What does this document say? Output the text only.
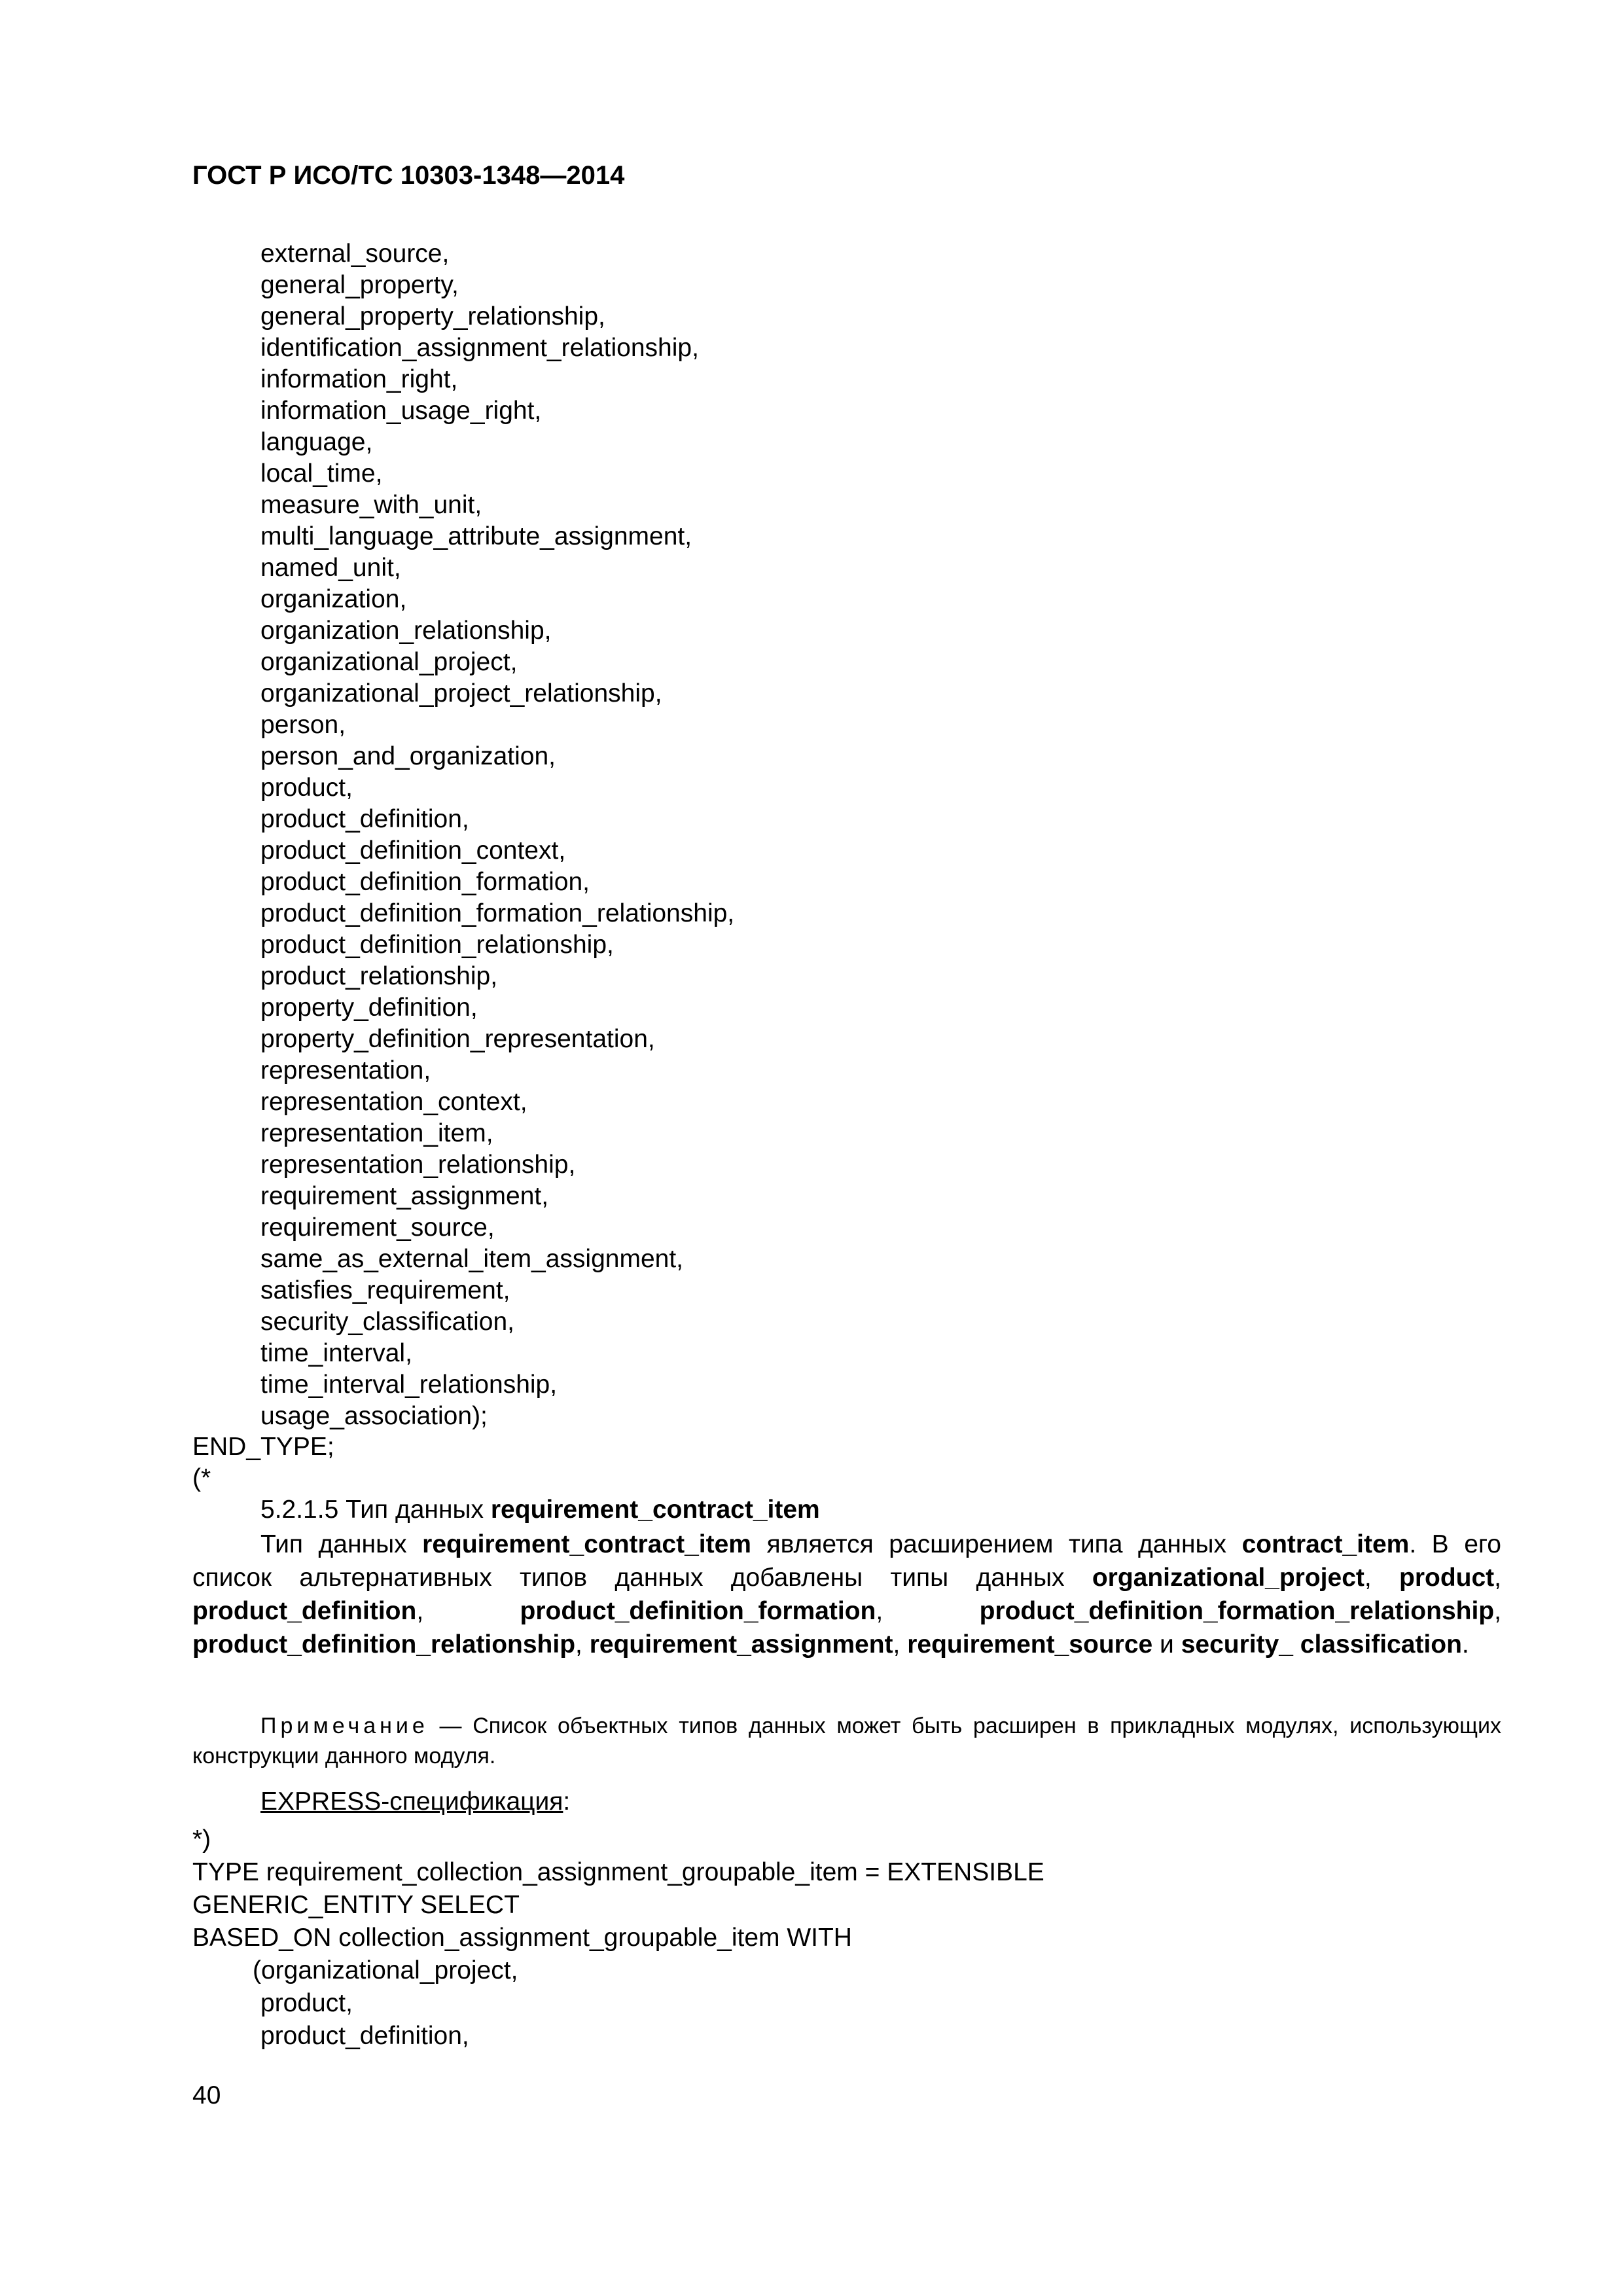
ГОСТ Р ИСО/ТС 10303-1348—2014
external_source,
general_property,
general_property_relationship,
identification_assignment_relationship,
information_right,
information_usage_right,
language,
local_time,
measure_with_unit,
multi_language_attribute_assignment,
named_unit,
organization,
organization_relationship,
organizational_project,
organizational_project_relationship,
person,
person_and_organization,
product,
product_definition,
product_definition_context,
product_definition_formation,
product_definition_formation_relationship,
product_definition_relationship,
product_relationship,
property_definition,
property_definition_representation,
representation,
representation_context,
representation_item,
representation_relationship,
requirement_assignment,
requirement_source,
same_as_external_item_assignment,
satisfies_requirement,
security_classification,
time_interval,
time_interval_relationship,
usage_association);
END_TYPE;
(*
5.2.1.5 Тип данных requirement_contract_item
Тип данных requirement_contract_item является расширением типа данных contract_item. В его список альтернативных типов данных добавлены типы данных organizational_project, product, product_definition,	product_definition_formation,	product_definition_formation_relationship, product_definition_relationship, requirement_assignment, requirement_source и security_ classification.
Примечание — Список объектных типов данных может быть расширен в прикладных модулях, использующих конструкции данного модуля.
EXPRESS-спецификация:
*)
TYPE requirement_collection_assignment_groupable_item = EXTENSIBLE
GENERIC_ENTITY SELECT
BASED_ON collection_assignment_groupable_item WITH
(organizational_project,
product,
product_definition,
40
